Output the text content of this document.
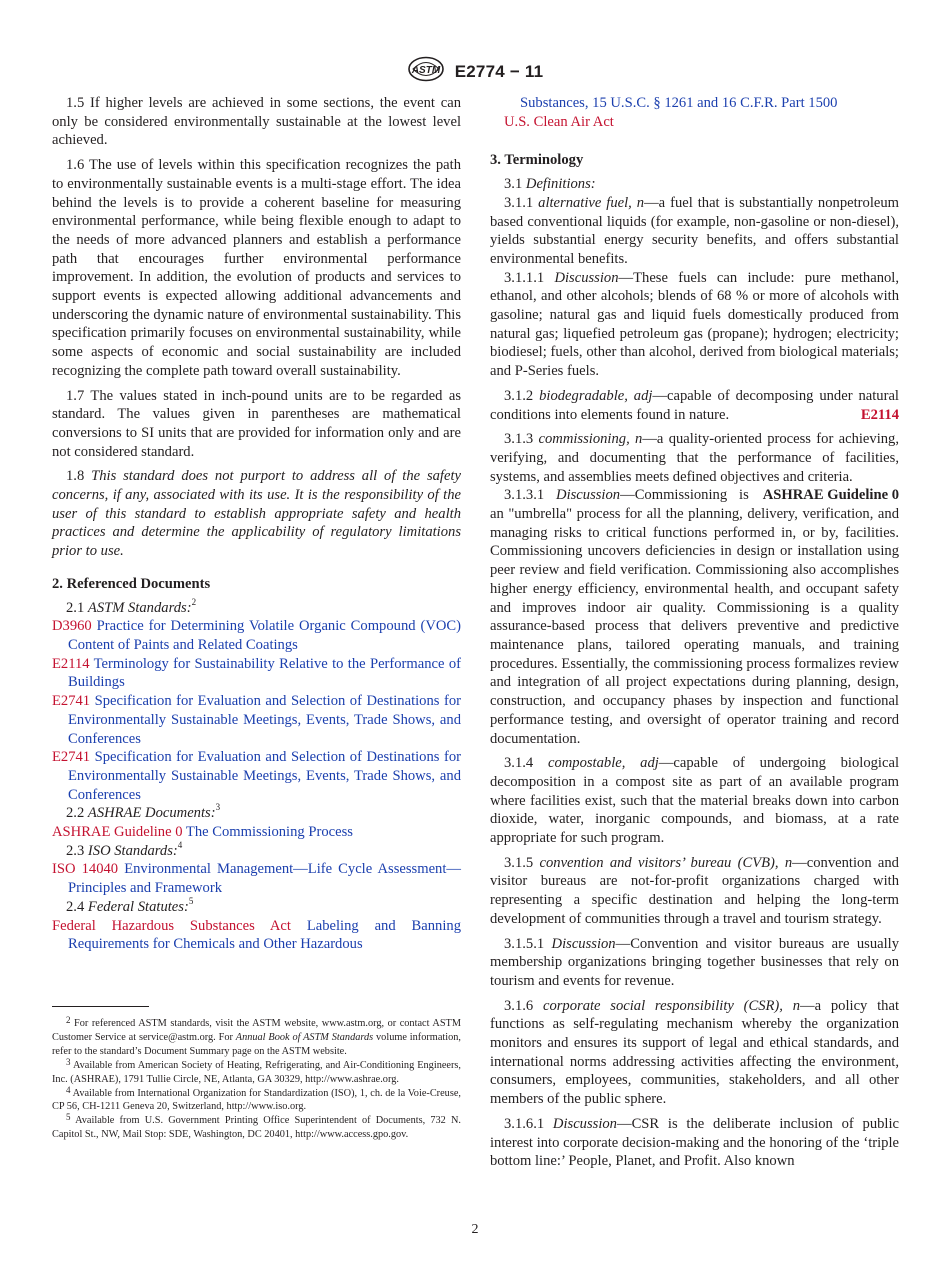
ASTM E2774 − 11

1.5 If higher levels are achieved in some sections, the event can only be considered environmentally sustainable at the lowest level achieved.

1.6 The use of levels within this specification recognizes the path to environmentally sustainable events is a multi-stage effort. The idea behind the levels is to provide a coherent baseline for measuring environmental performance, while being flexible enough to adapt to the needs of more advanced planners and establish a performance path that encourages further environmental performance improvement. In addition, the evolution of products and services to support events is expected allowing additional advancements and underscoring the dynamic nature of environmental sustainability. This specification primarily focuses on environmental sustainability, while some aspects of economic and social sustainability are included recognizing the complete path toward overall sustainability.

1.7 The values stated in inch-pound units are to be regarded as standard. The values given in parentheses are mathematical conversions to SI units that are provided for information only and are not considered standard.

1.8 This standard does not purport to address all of the safety concerns, if any, associated with its use. It is the responsibility of the user of this standard to establish appropriate safety and health practices and determine the applicability of regulatory limitations prior to use.

2. Referenced Documents

2.1 ASTM Standards:$^2$

D3960 Practice for Determining Volatile Organic Compound (VOC) Content of Paints and Related Coatings
E2114 Terminology for Sustainability Relative to the Performance of Buildings
E2741 Specification for Evaluation and Selection of Destinations for Environmentally Sustainable Meetings, Events, Trade Shows, and Conferences
E2741 Specification for Evaluation and Selection of Destinations for Environmentally Sustainable Meetings, Events, Trade Shows, and Conferences

2.2 ASHRAE Documents:$^3$

ASHRAE Guideline 0 The Commissioning Process

2.3 ISO Standards:$^4$

ISO 14040 Environmental Management—Life Cycle Assessment—Principles and Framework

2.4 Federal Statutes:$^5$

Federal Hazardous Substances Act Labeling and Banning Requirements for Chemicals and Other Hazardous

$^2$ For referenced ASTM standards, visit the ASTM website, www.astm.org, or contact ASTM Customer Service at service@astm.org. For Annual Book of ASTM Standards volume information, refer to the standard’s Document Summary page on the ASTM website.

$^3$ Available from American Society of Heating, Refrigerating, and Air-Conditioning Engineers, Inc. (ASHRAE), 1791 Tullie Circle, NE, Atlanta, GA 30329, http://www.ashrae.org.

$^4$ Available from International Organization for Standardization (ISO), 1, ch. de la Voie-Creuse, CP 56, CH-1211 Geneva 20, Switzerland, http://www.iso.org.

$^5$ Available from U.S. Government Printing Office Superintendent of Documents, 732 N. Capitol St., NW, Mail Stop: SDE, Washington, DC 20401, http://www.access.gpo.gov.

Substances, 15 U.S.C. § 1261 and 16 C.F.R. Part 1500
U.S. Clean Air Act
3. Terminology

3.1 Definitions:

3.1.1 alternative fuel, n—a fuel that is substantially nonpetroleum based conventional liquids (for example, non-gasoline or non-diesel), yields substantial energy security benefits, and offers substantial environmental benefits.

3.1.1.1 Discussion—These fuels can include: pure methanol, ethanol, and other alcohols; blends of 68 % or more of alcohols with gasoline; natural gas and liquid fuels domestically produced from natural gas; liquefied petroleum gas (propane); hydrogen; electricity; biodiesel; fuels, other than alcohol, derived from biological materials; and P-Series fuels.

3.1.2 biodegradable, adj—capable of decomposing under natural conditions into elements found in nature.	E2114

3.1.3 commissioning, n—a quality-oriented process for achieving, verifying, and documenting that the performance of facilities, systems, and assemblies meets defined objectives and criteria.
ASHRAE Guideline 0

3.1.3.1 Discussion—Commissioning is an "umbrella" process for all the planning, delivery, verification, and managing risks to critical functions performed in, or by, facilities. Commissioning uncovers deficiencies in design or installation using peer review and field verification. Commissioning also accomplishes higher energy efficiency, environmental health, and occupant safety and improves indoor air quality. Commissioning is a quality assurance-based process that delivers preventive and predictive maintenance plans, tailored operating manuals, and training procedures. Essentially, the commissioning process formalizes review and integration of all project expectations during planning, design, construction, and occupancy phases by inspection and functional performance testing, and oversight of operator training and record documentation.

3.1.4 compostable, adj—capable of undergoing biological decomposition in a compost site as part of an available program where facilities exist, such that the material breaks down into carbon dioxide, water, inorganic compounds, and biomass, at a rate appropriate for such program.

3.1.5 convention and visitors’ bureau (CVB), n—convention and visitor bureaus are not-for-profit organizations charged with representing a specific destination and helping the long-term development of communities through a travel and tourism strategy.

3.1.5.1 Discussion—Convention and visitor bureaus are usually membership organizations bringing together businesses that rely on tourism and events for revenue.

3.1.6 corporate social responsibility (CSR), n—a policy that functions as self-regulating mechanism whereby the organization monitors and ensures its support of legal and ethical standards, and international norms addressing activities affecting the environment, consumers, employees, communities, stakeholders, and all other members of the public sphere.

3.1.6.1 Discussion—CSR is the deliberate inclusion of public interest into corporate decision-making and the honoring of the ‘triple bottom line:’ People, Planet, and Profit. Also known

2
